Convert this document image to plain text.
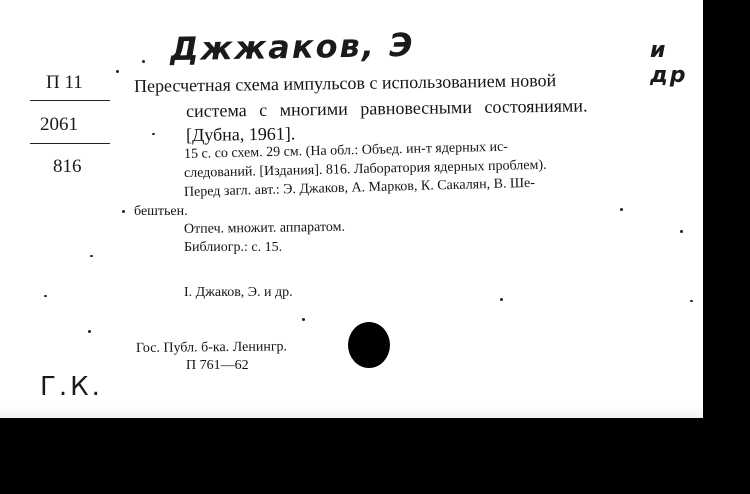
Джжаков, Э	и др
Г.К.
П 11
2061
816
Пересчетная схема импульсов с использованием новой
система с многими равновесными состояниями.
[Дубна, 1961].
15 с. со схем. 29 см. (На обл.: Объед. ин-т ядерных ис-
следований. [Издания]. 816. Лаборатория ядерных проблем).
Перед загл. авт.: Э. Джаков, А. Марков, К. Сакалян, В. Ше-
бештьен.
Отпеч. множит. аппаратом.
Библиогр.: с. 15.
I. Джаков, Э. и др.
Гос. Публ. б-ка. Ленингр.
П 761—62
